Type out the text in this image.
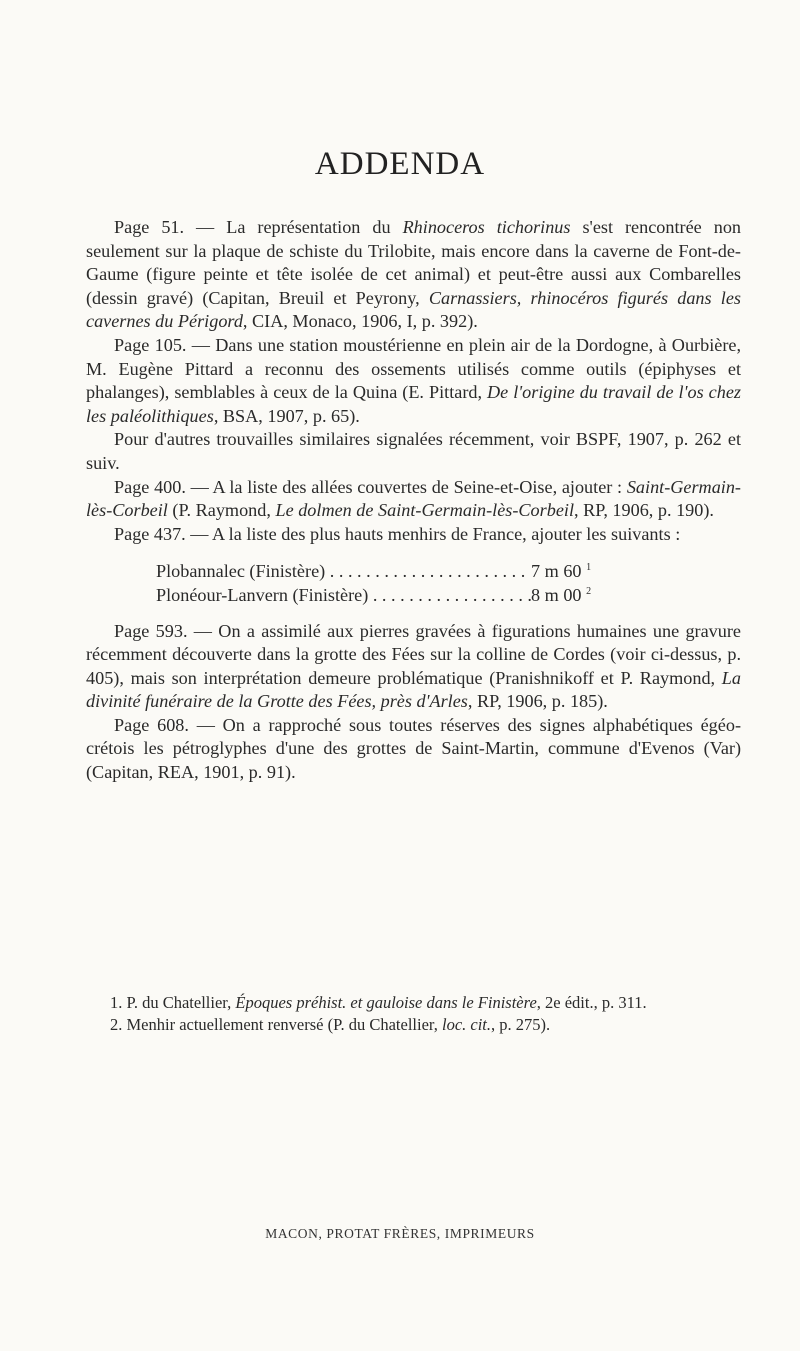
ADDENDA

Page 51. — La représentation du Rhinoceros tichorinus s'est rencontrée non seulement sur la plaque de schiste du Trilobite, mais encore dans la caverne de Font-de-Gaume (figure peinte et tête isolée de cet animal) et peut-être aussi aux Combarelles (dessin gravé) (Capitan, Breuil et Peyrony, Carnassiers, rhinocéros figurés dans les cavernes du Périgord, CIA, Monaco, 1906, I, p. 392).

Page 105. — Dans une station moustérienne en plein air de la Dordogne, à Ourbière, M. Eugène Pittard a reconnu des ossements utilisés comme outils (épiphyses et phalanges), semblables à ceux de la Quina (E. Pittard, De l'origine du travail de l'os chez les paléolithiques, BSA, 1907, p. 65).

Pour d'autres trouvailles similaires signalées récemment, voir BSPF, 1907, p. 262 et suiv.

Page 400. — A la liste des allées couvertes de Seine-et-Oise, ajouter : Saint-Germain-lès-Corbeil (P. Raymond, Le dolmen de Saint-Germain-lès-Corbeil, RP, 1906, p. 190).

Page 437. — A la liste des plus hauts menhirs de France, ajouter les suivants :

Plobannalec (Finistère) . . .	7 m 60 $^1$
Plonéour-Lanvern (Finistère) . . .	8 m 00 $^2$

Page 593. — On a assimilé aux pierres gravées à figurations humaines une gravure récemment découverte dans la grotte des Fées sur la colline de Cordes (voir ci-dessus, p. 405), mais son interprétation demeure problématique (Pranishnikoff et P. Raymond, La divinité funéraire de la Grotte des Fées, près d'Arles, RP, 1906, p. 185).

Page 608. — On a rapproché sous toutes réserves des signes alphabétiques égéo-crétois les pétroglyphes d'une des grottes de Saint-Martin, commune d'Evenos (Var) (Capitan, REA, 1901, p. 91).

1. P. du Chatellier, Époques préhist. et gauloise dans le Finistère, 2e édit., p. 311.

2. Menhir actuellement renversé (P. du Chatellier, loc. cit., p. 275).

MACON, PROTAT FRÈRES, IMPRIMEURS
